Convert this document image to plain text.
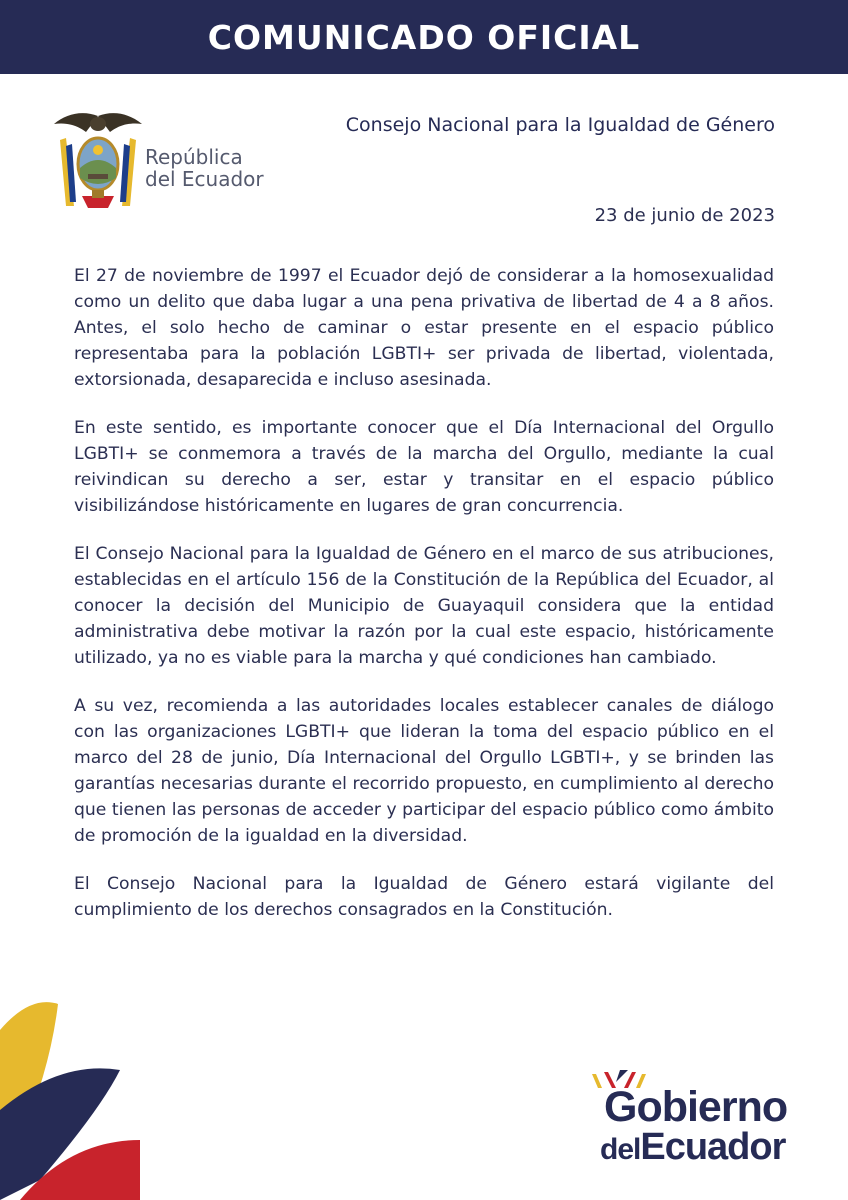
COMUNICADO OFICIAL
República
del Ecuador
Consejo Nacional para la Igualdad de Género
23 de junio de 2023

El 27 de noviembre de 1997 el Ecuador dejó de considerar a la homosexualidad como un delito que daba lugar a una pena privativa de libertad de 4 a 8 años. Antes, el solo hecho de caminar o estar presente en el espacio público representaba para la población LGBTI+ ser privada de libertad, violentada, extorsionada, desaparecida e incluso asesinada.

En este sentido, es importante conocer que el Día Internacional del Orgullo LGBTI+ se conmemora a través de la marcha del Orgullo, mediante la cual reivindican su derecho a ser, estar y transitar en el espacio público visibilizándose históricamente en lugares de gran concurrencia.

El Consejo Nacional para la Igualdad de Género en el marco de sus atribuciones, establecidas en el artículo 156 de la Constitución de la República del Ecuador, al conocer la decisión del Municipio de Guayaquil considera que la entidad administrativa debe motivar la razón por la cual este espacio, históricamente utilizado, ya no es viable para la marcha y qué condiciones han cambiado.

A su vez, recomienda a las autoridades locales establecer canales de diálogo con las organizaciones LGBTI+ que lideran la toma del espacio público en el marco del 28 de junio, Día Internacional del Orgullo LGBTI+, y se brinden las garantías necesarias durante el recorrido propuesto, en cumplimiento al derecho que tienen las personas de acceder y participar del espacio público como ámbito de promoción de la igualdad en la diversidad.

El Consejo Nacional para la Igualdad de Género estará vigilante del cumplimiento de los derechos consagrados en la Constitución.

Gobierno
delEcuador
